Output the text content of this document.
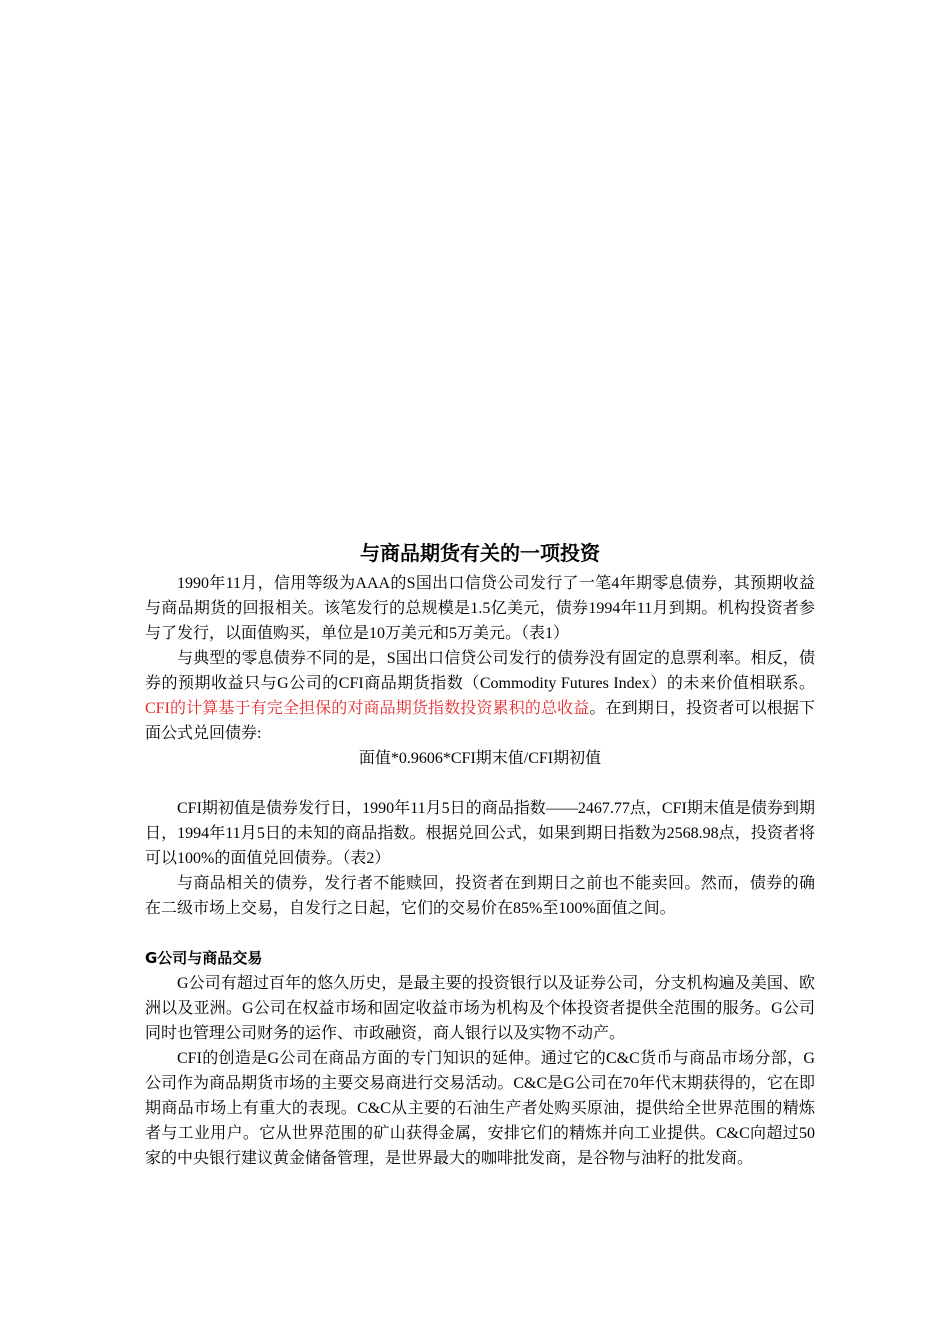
与商品期货有关的一项投资

1990年11月，信用等级为AAA的S国出口信贷公司发行了一笔4年期零息债券，其预期收益与商品期货的回报相关。该笔发行的总规模是1.5亿美元，债券1994年11月到期。机构投资者参与了发行，以面值购买，单位是10万美元和5万美元。（表1）

与典型的零息债券不同的是，S国出口信贷公司发行的债券没有固定的息票利率。相反，债券的预期收益只与G公司的CFI商品期货指数（Commodity Futures Index）的未来价值相联系。CFI的计算基于有完全担保的对商品期货指数投资累积的总收益。在到期日，投资者可以根据下面公式兑回债券:

面值*0.9606*CFI期末值/CFI期初值

CFI期初值是债券发行日，1990年11月5日的商品指数——2467.77点，CFI期末值是债券到期日，1994年11月5日的未知的商品指数。根据兑回公式，如果到期日指数为2568.98点，投资者将可以100%的面值兑回债券。（表2）

与商品相关的债券，发行者不能赎回，投资者在到期日之前也不能卖回。然而，债券的确在二级市场上交易，自发行之日起，它们的交易价在85%至100%面值之间。

G公司与商品交易

G公司有超过百年的悠久历史，是最主要的投资银行以及证券公司，分支机构遍及美国、欧洲以及亚洲。G公司在权益市场和固定收益市场为机构及个体投资者提供全范围的服务。G公司同时也管理公司财务的运作、市政融资，商人银行以及实物不动产。

CFI的创造是G公司在商品方面的专门知识的延伸。通过它的C&C货币与商品市场分部，G公司作为商品期货市场的主要交易商进行交易活动。C&C是G公司在70年代末期获得的，它在即期商品市场上有重大的表现。C&C从主要的石油生产者处购买原油，提供给全世界范围的精炼者与工业用户。它从世界范围的矿山获得金属，安排它们的精炼并向工业提供。C&C向超过50家的中央银行建议黄金储备管理，是世界最大的咖啡批发商，是谷物与油籽的批发商。
